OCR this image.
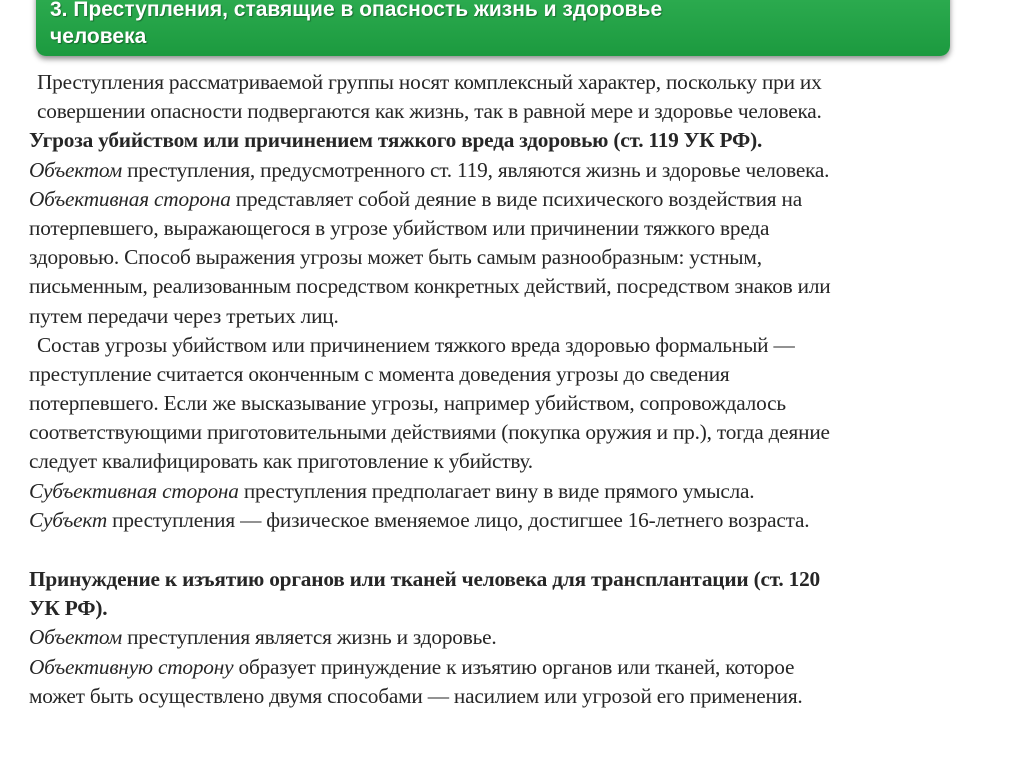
3. Преступления, ставящие в опасность жизнь и здоровье
человека
Преступления рассматриваемой группы носят комплексный характер, поскольку при их
совершении опасности подвергаются как жизнь, так в равной мере и здоровье человека.
Угроза убийством или причинением тяжкого вреда здоровью (ст. 119 УК РФ).
Объектом преступления, предусмотренного ст. 119, являются жизнь и здоровье человека.
Объективная сторона представляет собой деяние в виде психического воздействия на
потерпевшего, выражающегося в угрозе убийством или причинении тяжкого вреда
здоровью. Способ выражения угрозы может быть самым разнообразным: устным,
письменным, реализованным посредством конкретных действий, посредством знаков или
путем передачи через третьих лиц.
Состав угрозы убийством или причинением тяжкого вреда здоровью формальный —
преступление считается оконченным с момента доведения угрозы до сведения
потерпевшего. Если же высказывание угрозы, например убийством, сопровождалось
соответствующими приготовительными действиями (покупка оружия и пр.), тогда деяние
следует квалифицировать как приготовление к убийству.
Субъективная сторона преступления предполагает вину в виде прямого умысла.
Субъект преступления — физическое вменяемое лицо, достигшее 16-летнего возраста.
Принуждение к изъятию органов или тканей человека для трансплантации (ст. 120
УК РФ).
Объектом преступления является жизнь и здоровье.
Объективную сторону образует принуждение к изъятию органов или тканей, которое
может быть осуществлено двумя способами — насилием или угрозой его применения.
